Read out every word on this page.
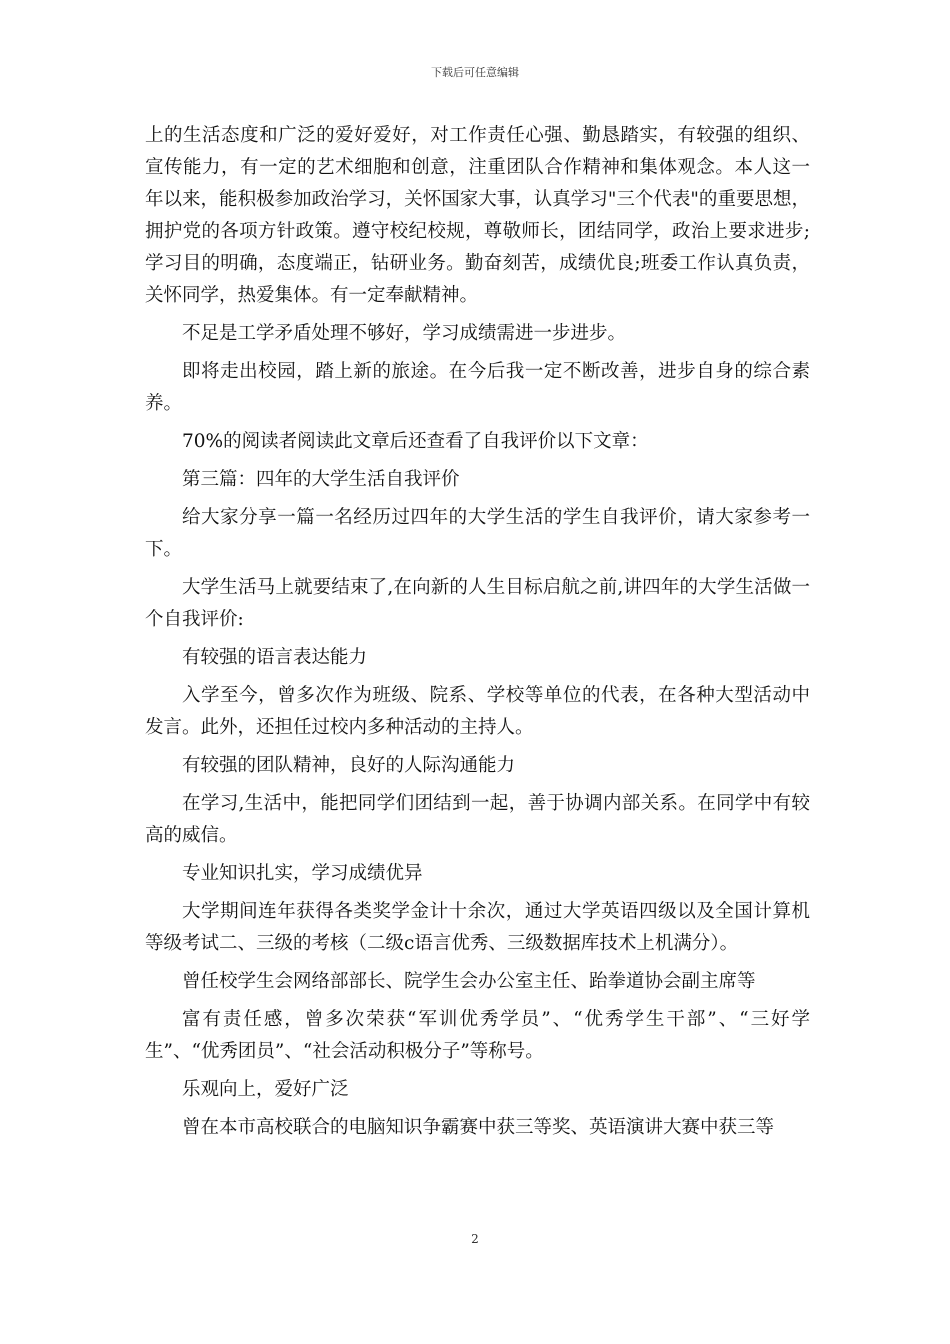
下载后可任意编辑

上的生活态度和广泛的爱好爱好，对工作责任心强、勤恳踏实，有较强的组织、宣传能力，有一定的艺术细胞和创意，注重团队合作精神和集体观念。本人这一年以来，能积极参加政治学习，关怀国家大事，认真学习"三个代表"的重要思想，拥护党的各项方针政策。遵守校纪校规，尊敬师长，团结同学，政治上要求进步;学习目的明确，态度端正，钻研业务。勤奋刻苦，成绩优良;班委工作认真负责，关怀同学，热爱集体。有一定奉献精神。

不足是工学矛盾处理不够好，学习成绩需进一步进步。

即将走出校园，踏上新的旅途。在今后我一定不断改善，进步自身的综合素养。

70%的阅读者阅读此文章后还查看了自我评价以下文章：

第三篇：四年的大学生活自我评价

给大家分享一篇一名经历过四年的大学生活的学生自我评价，请大家参考一下。

大学生活马上就要结束了,在向新的人生目标启航之前,讲四年的大学生活做一个自我评价:

有较强的语言表达能力

入学至今，曾多次作为班级、院系、学校等单位的代表，在各种大型活动中发言。此外，还担任过校内多种活动的主持人。

有较强的团队精神，良好的人际沟通能力

在学习,生活中，能把同学们团结到一起，善于协调内部关系。在同学中有较高的威信。

专业知识扎实，学习成绩优异

大学期间连年获得各类奖学金计十余次，通过大学英语四级以及全国计算机等级考试二、三级的考核（二级c语言优秀、三级数据库技术上机满分）。

曾任校学生会网络部部长、院学生会办公室主任、跆拳道协会副主席等

富有责任感，曾多次荣获“军训优秀学员”、“优秀学生干部”、“三好学生”、“优秀团员”、“社会活动积极分子”等称号。

乐观向上，爱好广泛

曾在本市高校联合的电脑知识争霸赛中获三等奖、英语演讲大赛中获三等

2
